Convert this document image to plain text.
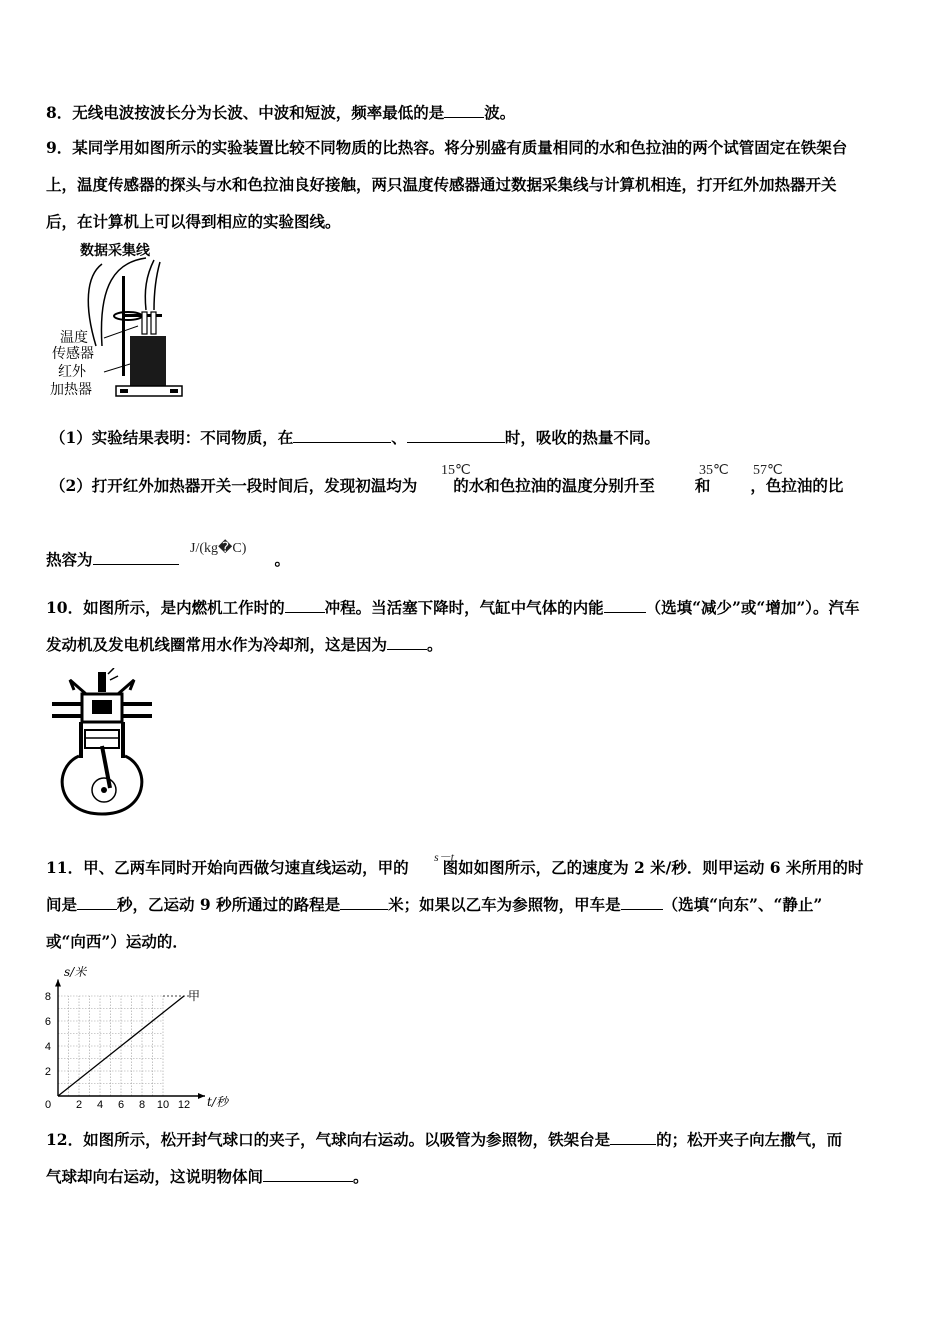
8．无线电波按波长分为长波、中波和短波，频率最低的是	波。
9．某同学用如图所示的实验装置比较不同物质的比热容。将分别盛有质量相同的水和色拉油的两个试管固定在铁架台
上，温度传感器的探头与水和色拉油良好接触，两只温度传感器通过数据采集线与计算机相连，打开红外加热器开关
后，在计算机上可以得到相应的实验图线。
数据采集线
温度
传感器
红外
加热器
（1）实验结果表明：不同物质，在	、	时，吸收的热量不同。
（2）打开红外加热器开关一段时间后，发现初温均为 的水和色拉油的温度分别升至	和	，色拉油的比
15℃	35℃ 57℃
热容为	。
J/(kg�C)
10．如图所示，是内燃机工作时的	冲程。当活塞下降时，气缸中气体的内能	（选填“减少”或“增加”）。汽车
发动机及发电机线圈常用水作为冷却剂，这是因为	。
11．甲、乙两车同时开始向西做匀速直线运动，甲的 图如如图所示，乙的速度为 2 米/秒．则甲运动 6 米所用的时
s－t
间是	秒，乙运动 9 秒所通过的路程是	米；如果以乙车为参照物，甲车是	（选填“向东”、“静止”
或“向西”）运动的．
0 2 4 6 8 10 12
2
4
6
8
t/秒
s/米
甲
12．如图所示，松开封气球口的夹子，气球向右运动。以吸管为参照物，铁架台是	的；松开夹子向左撒气，而
气球却向右运动，这说明物体间	。
